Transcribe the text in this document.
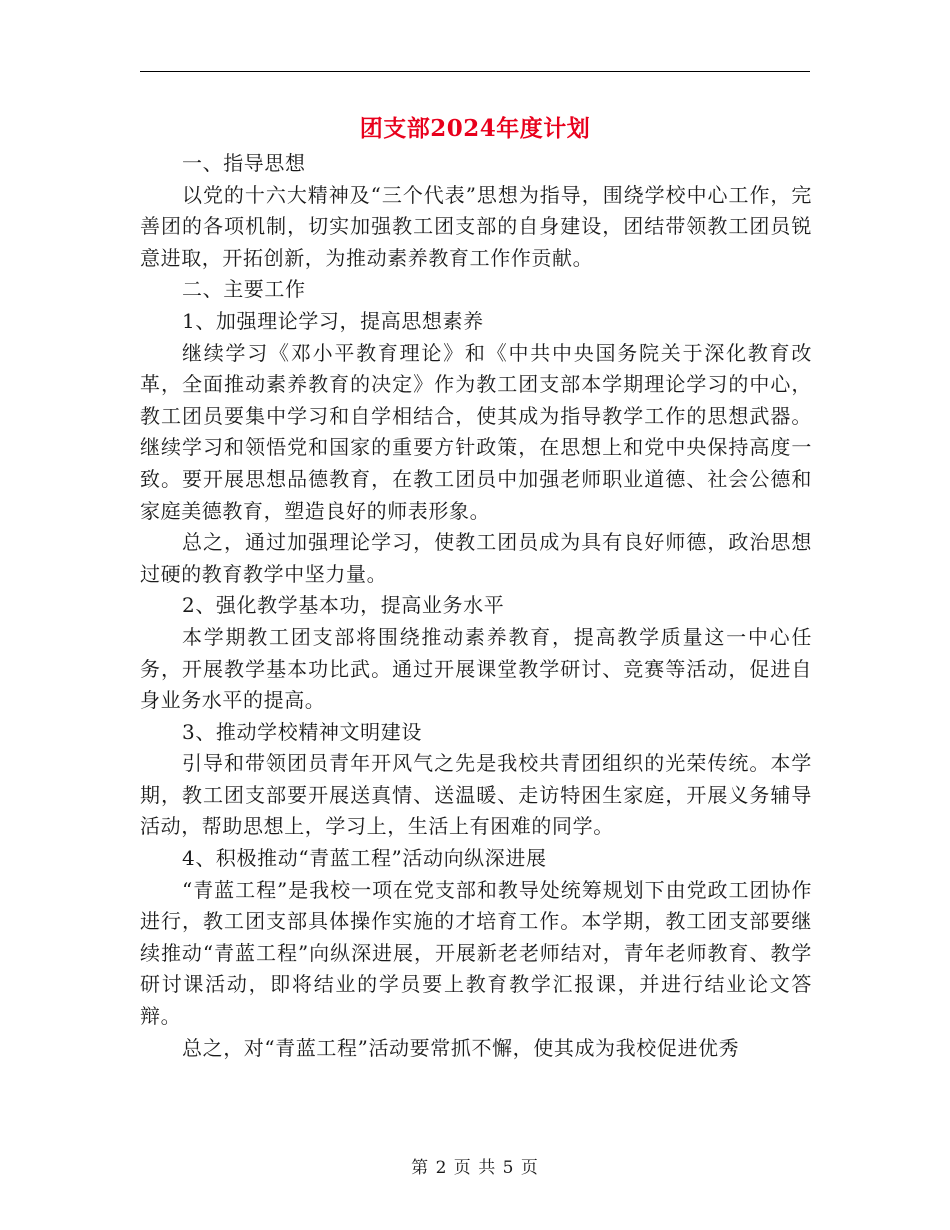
团支部2024年度计划

一、指导思想

以党的十六大精神及“三个代表”思想为指导，围绕学校中心工作，完善团的各项机制，切实加强教工团支部的自身建设，团结带领教工团员锐意进取，开拓创新，为推动素养教育工作作贡献。

二、主要工作

1、加强理论学习，提高思想素养

继续学习《邓小平教育理论》和《中共中央国务院关于深化教育改革，全面推动素养教育的决定》作为教工团支部本学期理论学习的中心，教工团员要集中学习和自学相结合，使其成为指导教学工作的思想武器。继续学习和领悟党和国家的重要方针政策，在思想上和党中央保持高度一致。要开展思想品德教育，在教工团员中加强老师职业道德、社会公德和家庭美德教育，塑造良好的师表形象。

总之，通过加强理论学习，使教工团员成为具有良好师德，政治思想过硬的教育教学中坚力量。

2、强化教学基本功，提高业务水平

本学期教工团支部将围绕推动素养教育，提高教学质量这一中心任务，开展教学基本功比武。通过开展课堂教学研讨、竞赛等活动，促进自身业务水平的提高。

3、推动学校精神文明建设

引导和带领团员青年开风气之先是我校共青团组织的光荣传统。本学期，教工团支部要开展送真情、送温暖、走访特困生家庭，开展义务辅导活动，帮助思想上，学习上，生活上有困难的同学。

4、积极推动“青蓝工程”活动向纵深进展

“青蓝工程”是我校一项在党支部和教导处统筹规划下由党政工团协作进行，教工团支部具体操作实施的才培育工作。本学期，教工团支部要继续推动“青蓝工程”向纵深进展，开展新老老师结对，青年老师教育、教学研讨课活动，即将结业的学员要上教育教学汇报课，并进行结业论文答辩。

总之，对“青蓝工程”活动要常抓不懈，使其成为我校促进优秀

第 2 页 共 5 页
